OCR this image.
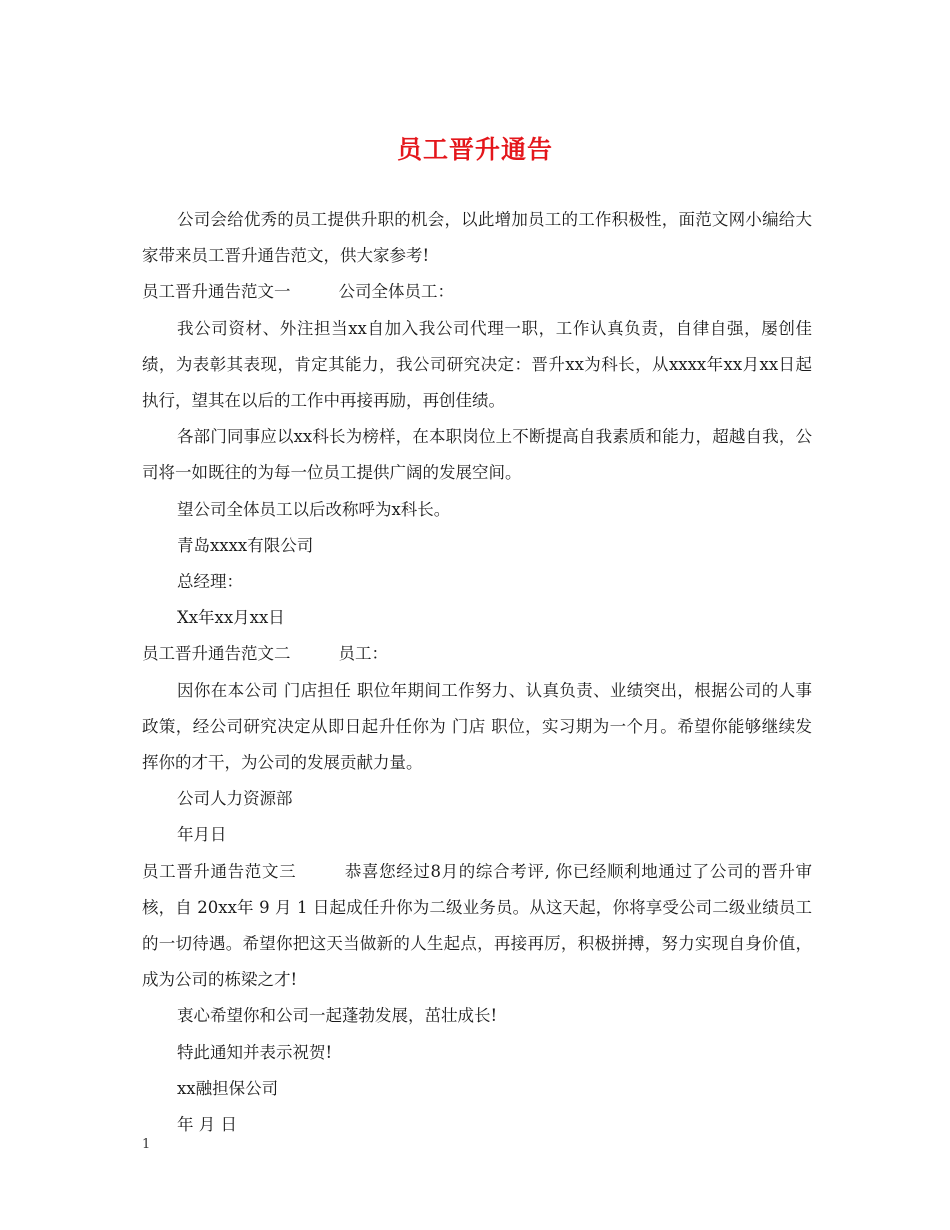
员工晋升通告

公司会给优秀的员工提供升职的机会，以此增加员工的工作积极性，面范文网小编给大家带来员工晋升通告范文，供大家参考!

员工晋升通告范文一	公司全体员工：

我公司资材、外注担当xx自加入我公司代理一职，工作认真负责，自律自强，屡创佳绩，为表彰其表现，肯定其能力，我公司研究决定：晋升xx为科长，从xxxx年xx月xx日起执行，望其在以后的工作中再接再励，再创佳绩。

各部门同事应以xx科长为榜样，在本职岗位上不断提高自我素质和能力，超越自我，公司将一如既往的为每一位员工提供广阔的发展空间。

望公司全体员工以后改称呼为x科长。

青岛xxxx有限公司

总经理：

Xx年xx月xx日

员工晋升通告范文二	员工：

因你在本公司 门店担任 职位年期间工作努力、认真负责、业绩突出，根据公司的人事政策，经公司研究决定从即日起升任你为 门店 职位，实习期为一个月。希望你能够继续发挥你的才干，为公司的发展贡献力量。

公司人力资源部

年月日

员工晋升通告范文三	恭喜您经过8月的综合考评, 你已经顺利地通过了公司的晋升审核，自 20xx年 9 月 1 日起成任升你为二级业务员。从这天起，你将享受公司二级业绩员工的一切待遇。希望你把这天当做新的人生起点，再接再厉，积极拼搏，努力实现自身价值，成为公司的栋梁之才!

衷心希望你和公司一起蓬勃发展，茁壮成长!

特此通知并表示祝贺!

xx融担保公司

年 月 日

1
